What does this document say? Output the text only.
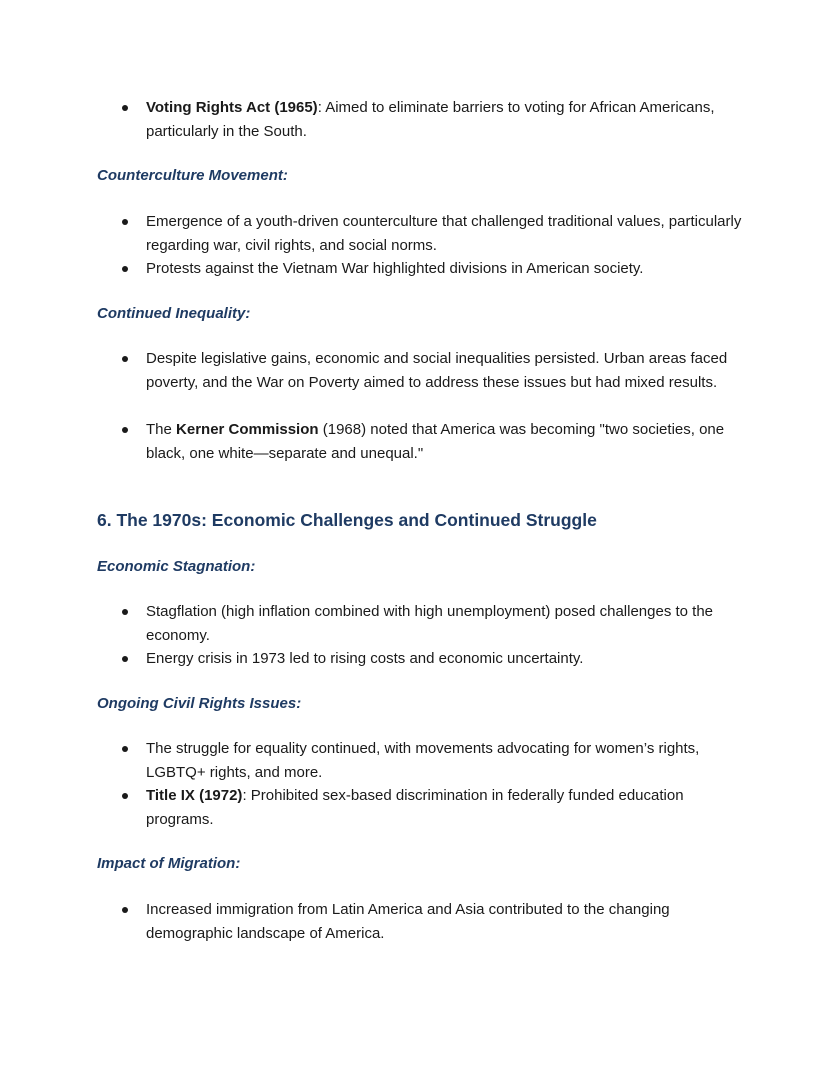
Voting Rights Act (1965): Aimed to eliminate barriers to voting for African Americans, particularly in the South.
Counterculture Movement:
Emergence of a youth-driven counterculture that challenged traditional values, particularly regarding war, civil rights, and social norms.
Protests against the Vietnam War highlighted divisions in American society.
Continued Inequality:
Despite legislative gains, economic and social inequalities persisted. Urban areas faced poverty, and the War on Poverty aimed to address these issues but had mixed results.
The Kerner Commission (1968) noted that America was becoming "two societies, one black, one white—separate and unequal."
6. The 1970s: Economic Challenges and Continued Struggle
Economic Stagnation:
Stagflation (high inflation combined with high unemployment) posed challenges to the economy.
Energy crisis in 1973 led to rising costs and economic uncertainty.
Ongoing Civil Rights Issues:
The struggle for equality continued, with movements advocating for women’s rights, LGBTQ+ rights, and more.
Title IX (1972): Prohibited sex-based discrimination in federally funded education programs.
Impact of Migration:
Increased immigration from Latin America and Asia contributed to the changing demographic landscape of America.
